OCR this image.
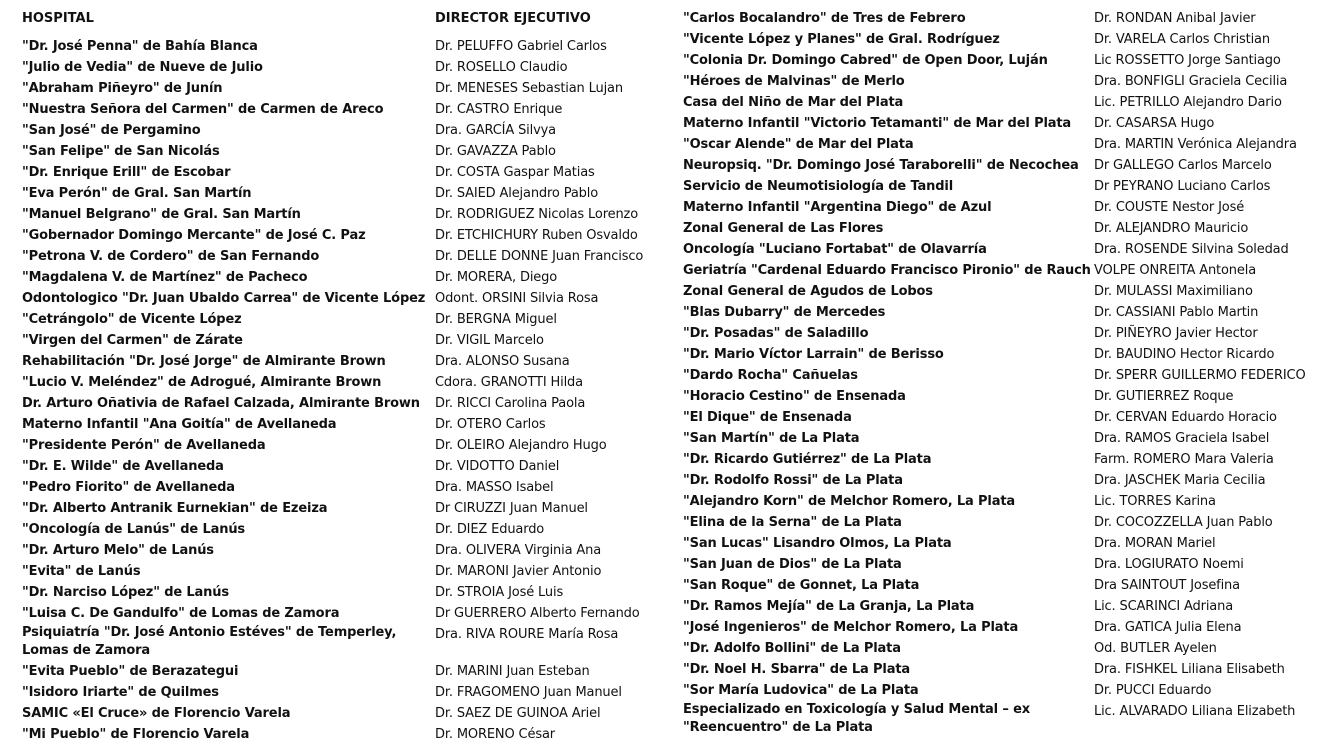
HOSPITAL
"Dr. José Penna" de Bahía Blanca
"Julio de Vedia" de Nueve de Julio
"Abraham Piñeyro" de Junín
"Nuestra Señora del Carmen" de Carmen de Areco
"San José" de Pergamino
"San Felipe" de San Nicolás
"Dr. Enrique Erill" de Escobar
"Eva Perón" de Gral. San Martín
"Manuel Belgrano" de Gral. San Martín
"Gobernador Domingo Mercante" de José C. Paz
"Petrona V. de Cordero" de San Fernando
"Magdalena V. de Martínez" de Pacheco
Odontologico "Dr. Juan Ubaldo Carrea" de Vicente López
"Cetrángolo" de Vicente López
"Virgen del Carmen" de Zárate
Rehabilitación "Dr. José Jorge" de Almirante Brown
"Lucio V. Meléndez" de Adrogué, Almirante Brown
Dr. Arturo Oñativia de Rafael Calzada, Almirante Brown
Materno Infantil "Ana Goitía" de Avellaneda
"Presidente Perón" de Avellaneda
"Dr. E. Wilde" de Avellaneda
"Pedro Fiorito" de Avellaneda
"Dr. Alberto Antranik Eurnekian" de Ezeiza
"Oncología de Lanús" de Lanús
"Dr. Arturo Melo" de Lanús
"Evita" de Lanús
"Dr. Narciso López" de Lanús
"Luisa C. De Gandulfo" de Lomas de Zamora
Psiquiatría "Dr. José Antonio Estéves" de Temperley, Lomas de Zamora
"Evita Pueblo" de Berazategui
"Isidoro Iriarte" de Quilmes
SAMIC «El Cruce» de Florencio Varela
"Mi Pueblo" de Florencio Varela
DIRECTOR EJECUTIVO
Dr. PELUFFO Gabriel Carlos
Dr. ROSELLO Claudio
Dr. MENESES Sebastian Lujan
Dr. CASTRO Enrique
Dra. GARCÍA Silvya
Dr. GAVAZZA Pablo
Dr. COSTA Gaspar Matias
Dr. SAIED Alejandro Pablo
Dr. RODRIGUEZ Nicolas Lorenzo
Dr. ETCHICHURY Ruben Osvaldo
Dr. DELLE DONNE Juan Francisco
Dr. MORERA, Diego
Odont. ORSINI Silvia Rosa
Dr. BERGNA Miguel
Dr. VIGIL Marcelo
Dra. ALONSO Susana
Cdora. GRANOTTI Hilda
Dr. RICCI Carolina Paola
Dr. OTERO Carlos
Dr. OLEIRO Alejandro Hugo
Dr. VIDOTTO Daniel
Dra. MASSO Isabel
Dr CIRUZZI Juan Manuel
Dr. DIEZ Eduardo
Dra. OLIVERA Virginia Ana
Dr. MARONI Javier Antonio
Dr. STROIA José Luis
Dr GUERRERO Alberto Fernando
Dra. RIVA ROURE María Rosa
Dr. MARINI Juan Esteban
Dr. FRAGOMENO Juan Manuel
Dr. SAEZ DE GUINOA Ariel
Dr. MORENO César
"Carlos Bocalandro" de Tres de Febrero
"Vicente López y Planes" de Gral. Rodríguez
"Colonia Dr. Domingo Cabred" de Open Door, Luján
"Héroes de Malvinas" de Merlo
Casa del Niño de Mar del Plata
Materno Infantil "Victorio Tetamanti" de Mar del Plata
"Oscar Alende" de Mar del Plata
Neuropsiq. "Dr. Domingo José Taraborelli" de Necochea
Servicio de Neumotisiología de Tandil
Materno Infantil "Argentina Diego" de Azul
Zonal General de Las Flores
Oncología "Luciano Fortabat" de Olavarría
Geriatría "Cardenal Eduardo Francisco Pironio" de Rauch
Zonal General de Agudos de Lobos
"Blas Dubarry" de Mercedes
"Dr. Posadas" de Saladillo
"Dr. Mario Víctor Larrain" de Berisso
"Dardo Rocha" Cañuelas
"Horacio Cestino" de Ensenada
"El Dique" de Ensenada
"San Martín" de La Plata
"Dr. Ricardo Gutiérrez" de La Plata
"Dr. Rodolfo Rossi" de La Plata
"Alejandro Korn" de Melchor Romero, La Plata
"Elina de la Serna" de La Plata
"San Lucas" Lisandro Olmos, La Plata
"San Juan de Dios" de La Plata
"San Roque" de Gonnet, La Plata
"Dr. Ramos Mejía" de La Granja, La Plata
"José Ingenieros" de Melchor Romero, La Plata
"Dr. Adolfo Bollini" de La Plata
"Dr. Noel H. Sbarra" de La Plata
"Sor María Ludovica" de La Plata
Especializado en Toxicología y Salud Mental – ex "Reencuentro" de La Plata
Dr. RONDAN Anibal Javier
Dr. VARELA Carlos Christian
Lic ROSSETTO Jorge Santiago
Dra. BONFIGLI Graciela Cecilia
Lic. PETRILLO Alejandro Dario
Dr. CASARSA Hugo
Dra. MARTIN Verónica Alejandra
Dr GALLEGO Carlos Marcelo
Dr PEYRANO Luciano Carlos
Dr. COUSTE Nestor José
Dr. ALEJANDRO Mauricio
Dra. ROSENDE Silvina Soledad
VOLPE ONREITA Antonela
Dr. MULASSI Maximiliano
Dr. CASSIANI Pablo Martin
Dr. PIÑEYRO Javier Hector
Dr. BAUDINO Hector Ricardo
Dr. SPERR GUILLERMO FEDERICO
Dr. GUTIERREZ Roque
Dr. CERVAN Eduardo Horacio
Dra. RAMOS Graciela Isabel
Farm. ROMERO Mara Valeria
Dra. JASCHEK Maria Cecilia
Lic. TORRES Karina
Dr. COCOZZELLA Juan Pablo
Dra. MORAN Mariel
Dra. LOGIURATO Noemi
Dra SAINTOUT Josefina
Lic. SCARINCI Adriana
Dra. GATICA Julia Elena
Od. BUTLER Ayelen
Dra. FISHKEL Liliana Elisabeth
Dr. PUCCI Eduardo
Lic. ALVARADO Liliana Elizabeth
